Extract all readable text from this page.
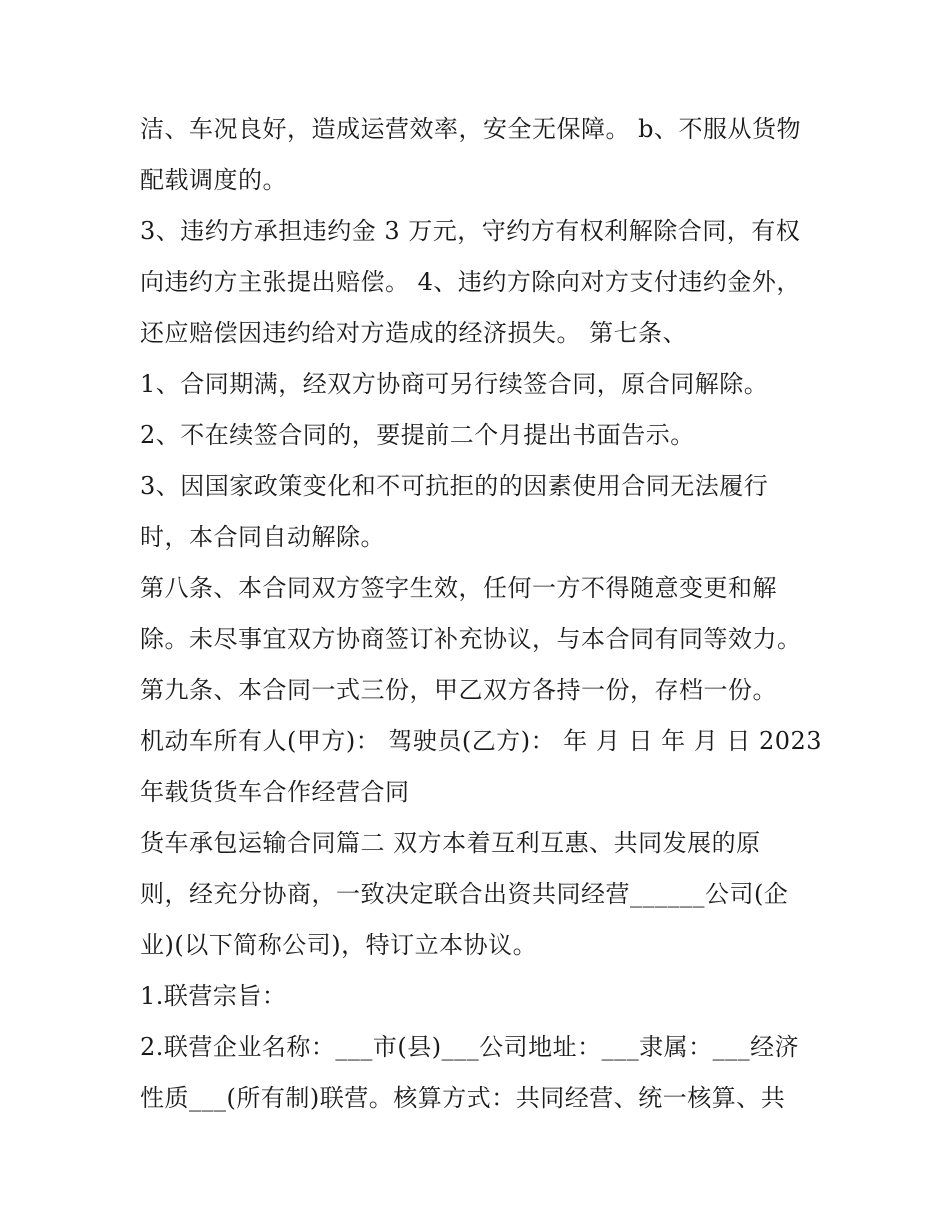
洁、车况良好，造成运营效率，安全无保障。 b、不服从货物
配载调度的。
3、违约方承担违约金 3 万元，守约方有权利解除合同，有权
向违约方主张提出赔偿。 4、违约方除向对方支付违约金外，
还应赔偿因违约给对方造成的经济损失。 第七条、
1、合同期满，经双方协商可另行续签合同，原合同解除。
2、不在续签合同的，要提前二个月提出书面告示。
3、因国家政策变化和不可抗拒的的因素使用合同无法履行
时，本合同自动解除。
第八条、本合同双方签字生效，任何一方不得随意变更和解
除。未尽事宜双方协商签订补充协议，与本合同有同等效力。
第九条、本合同一式三份，甲乙双方各持一份，存档一份。
机动车所有人(甲方)： 驾驶员(乙方)： 年 月 日 年 月 日 2023
年载货货车合作经营合同
货车承包运输合同篇二 双方本着互利互惠、共同发展的原
则，经充分协商，一致决定联合出资共同经营______公司(企
业)(以下简称公司)，特订立本协议。
1.联营宗旨：
2.联营企业名称：___市(县)___公司地址：___隶属：___经济
性质___(所有制)联营。核算方式：共同经营、统一核算、共
